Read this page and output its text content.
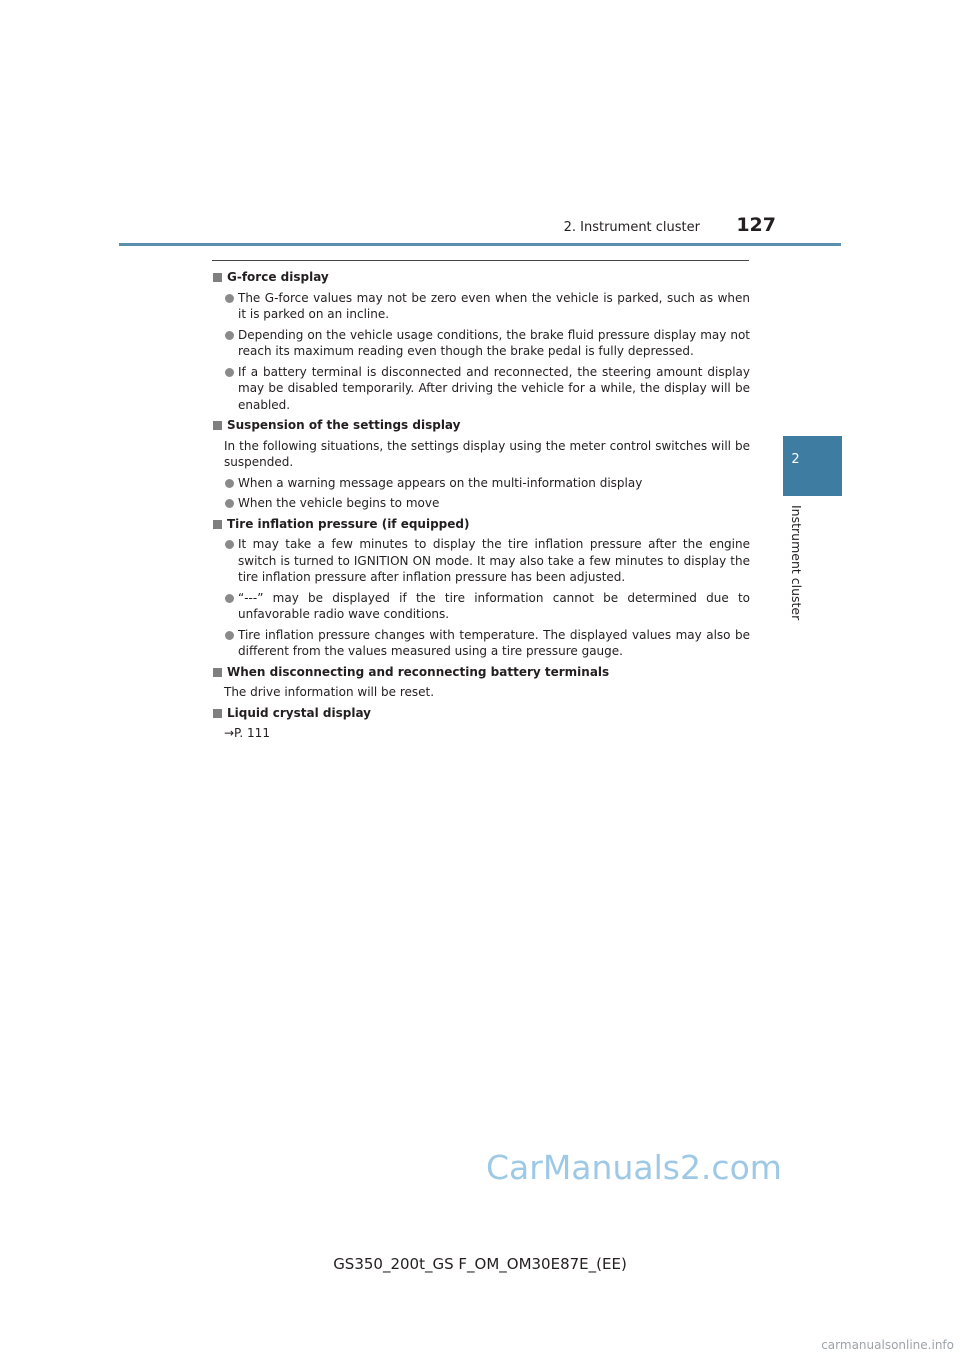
2. Instrument cluster	127
2
Instrument cluster
G-force display
The G-force values may not be zero even when the vehicle is parked, such as when it is parked on an incline.
Depending on the vehicle usage conditions, the brake fluid pressure display may not reach its maximum reading even though the brake pedal is fully depressed.
If a battery terminal is disconnected and reconnected, the steering amount display may be disabled temporarily. After driving the vehicle for a while, the display will be enabled.
Suspension of the settings display
In the following situations, the settings display using the meter control switches will be suspended.
When a warning message appears on the multi-information display
When the vehicle begins to move
Tire inflation pressure (if equipped)
It may take a few minutes to display the tire inflation pressure after the engine switch is turned to IGNITION ON mode. It may also take a few minutes to display the tire inflation pressure after inflation pressure has been adjusted.
“---” may be displayed if the tire information cannot be determined due to unfavorable radio wave conditions.
Tire inflation pressure changes with temperature. The displayed values may also be different from the values measured using a tire pressure gauge.
When disconnecting and reconnecting battery terminals
The drive information will be reset.
Liquid crystal display
→P. 111
CarManuals2.com
GS350_200t_GS F_OM_OM30E87E_(EE)
carmanualsonline.info
